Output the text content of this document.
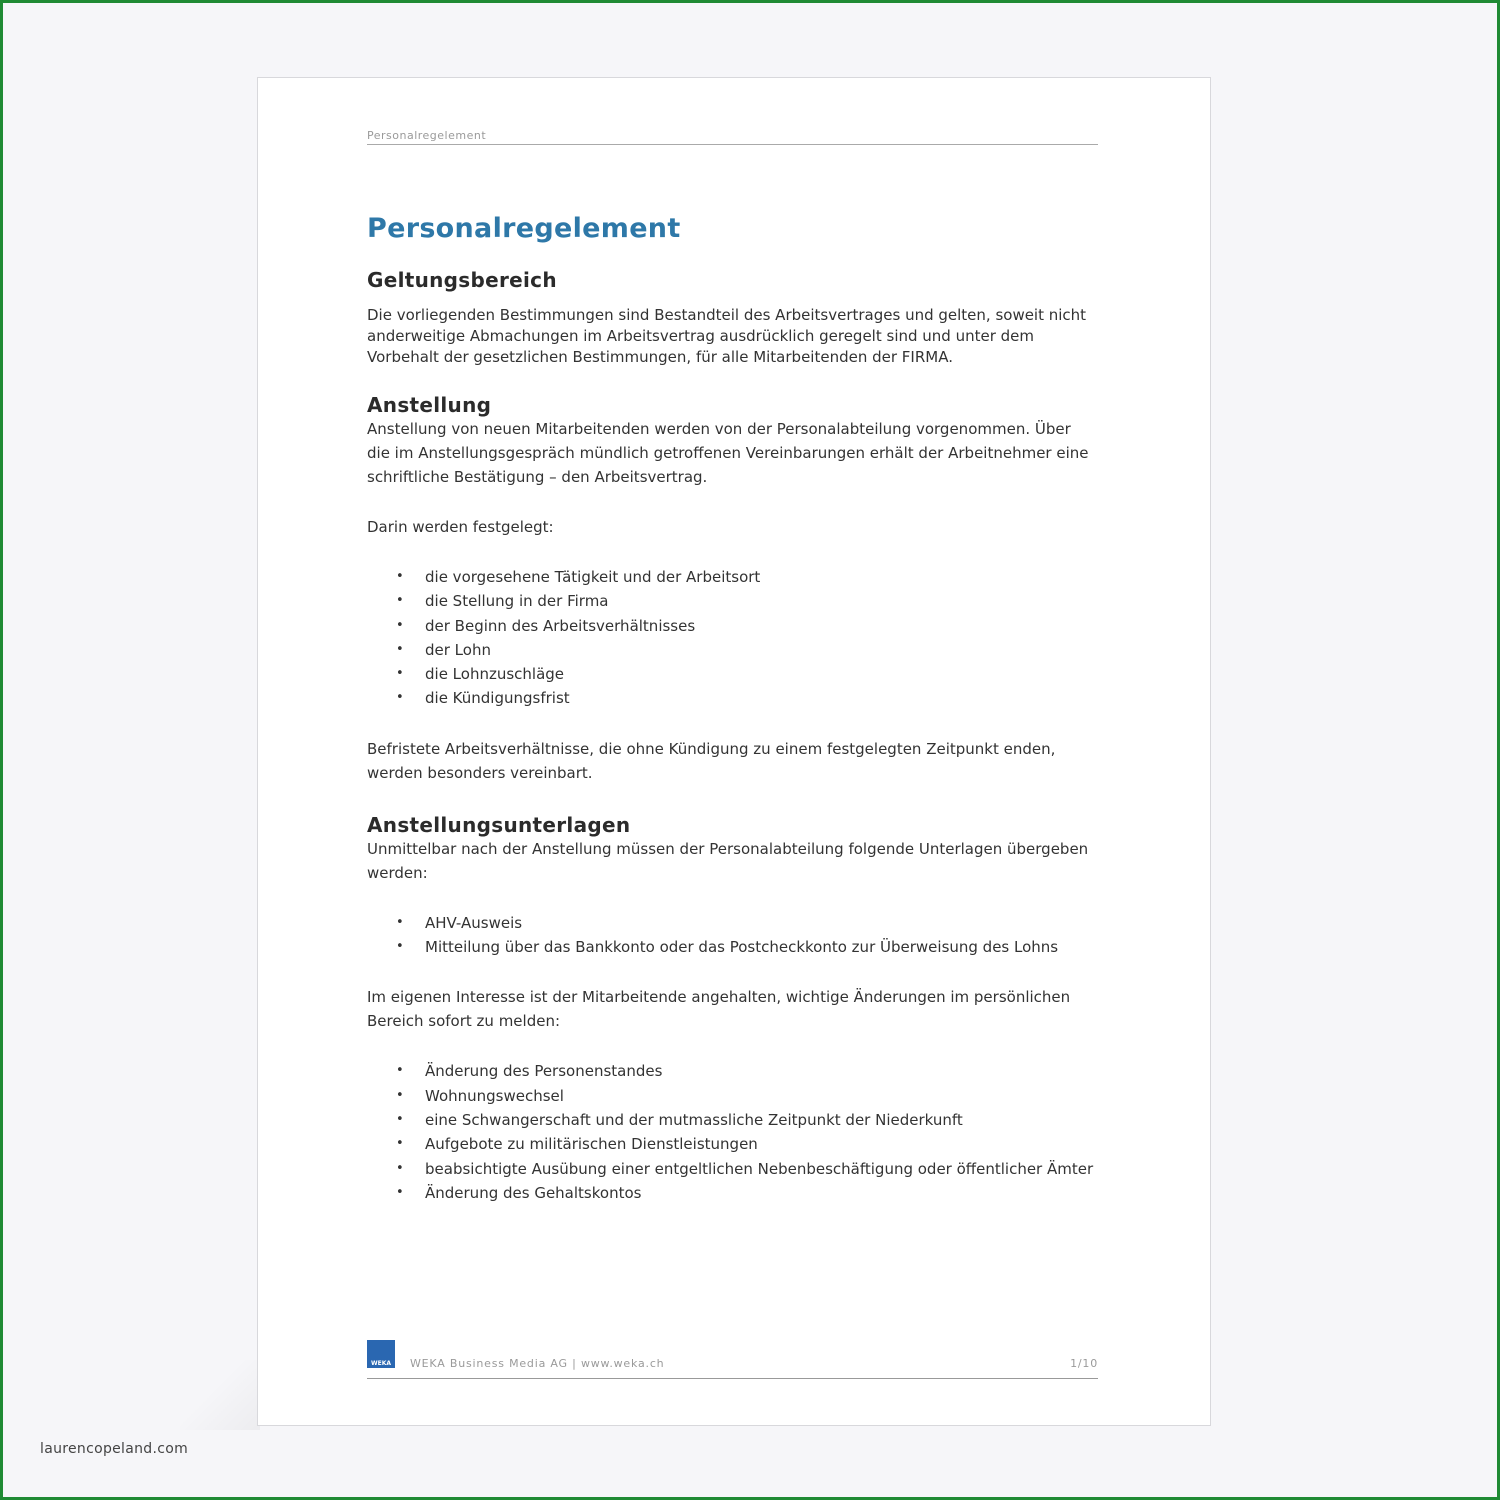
Personalregelement
Personalregelement
Geltungsbereich

Die vorliegenden Bestimmungen sind Bestandteil des Arbeitsvertrages und gelten, soweit nicht anderweitige Abmachungen im Arbeitsvertrag ausdrücklich geregelt sind und unter dem Vorbehalt der gesetzlichen Bestimmungen, für alle Mitarbeitenden der FIRMA.

Anstellung

Anstellung von neuen Mitarbeitenden werden von der Personalabteilung vorgenommen. Über die im Anstellungsgespräch mündlich getroffenen Vereinbarungen erhält der Arbeitnehmer eine schriftliche Bestätigung – den Arbeitsvertrag.

Darin werden festgelegt:

• die vorgesehene Tätigkeit und der Arbeitsort
• die Stellung in der Firma
• der Beginn des Arbeitsverhältnisses
• der Lohn
• die Lohnzuschläge
• die Kündigungsfrist

Befristete Arbeitsverhältnisse, die ohne Kündigung zu einem festgelegten Zeitpunkt enden, werden besonders vereinbart.

Anstellungsunterlagen

Unmittelbar nach der Anstellung müssen der Personalabteilung folgende Unterlagen übergeben werden:

• AHV-Ausweis
• Mitteilung über das Bankkonto oder das Postcheckkonto zur Überweisung des Lohns

Im eigenen Interesse ist der Mitarbeitende angehalten, wichtige Änderungen im persönlichen Bereich sofort zu melden:

• Änderung des Personenstandes
• Wohnungswechsel
• eine Schwangerschaft und der mutmassliche Zeitpunkt der Niederkunft
• Aufgebote zu militärischen Dienstleistungen
• beabsichtigte Ausübung einer entgeltlichen Nebenbeschäftigung oder öffentlicher Ämter
• Änderung des Gehaltskontos
WEKA	WEKA Business Media AG | www.weka.ch	1/10
laurencopeland.com
